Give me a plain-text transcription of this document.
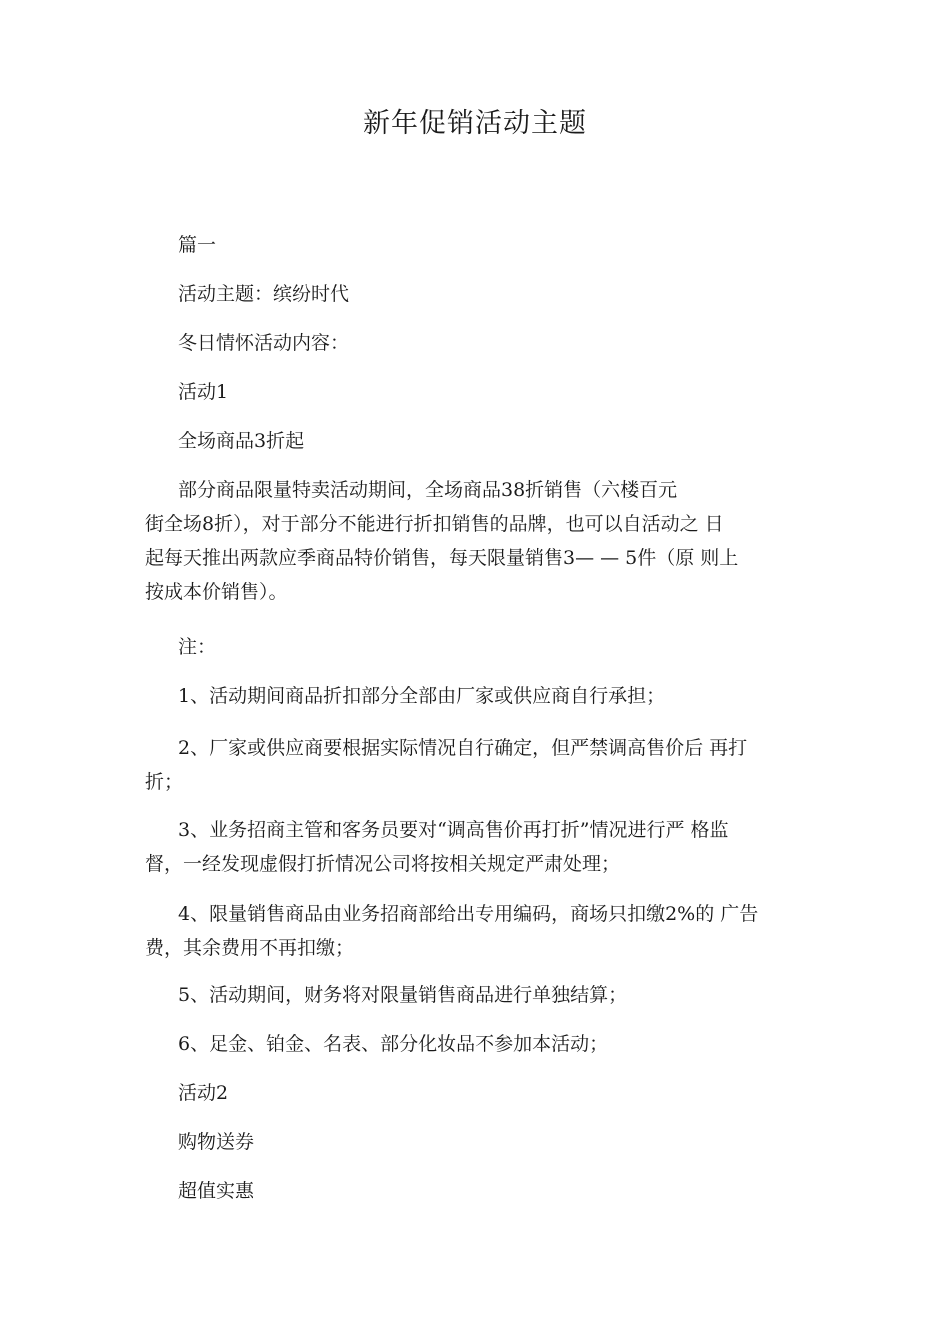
新年促销活动主题
篇一
活动主题：缤纷时代
冬日情怀活动内容：
活动1
全场商品3折起
部分商品限量特卖活动期间，全场商品38折销售（六楼百元
街全场8折），对于部分不能进行折扣销售的品牌，也可以自活动之 日
起每天推出两款应季商品特价销售，每天限量销售3— — 5件（原 则上
按成本价销售）。
注：
1、活动期间商品折扣部分全部由厂家或供应商自行承担；
2、厂家或供应商要根据实际情况自行确定，但严禁调高售价后 再打
折；
3、业务招商主管和客务员要对“调高售价再打折”情况进行严 格监
督，一经发现虚假打折情况公司将按相关规定严肃处理；
4、限量销售商品由业务招商部给出专用编码，商场只扣缴2%的 广告
费，其余费用不再扣缴；
5、活动期间，财务将对限量销售商品进行单独结算；
6、足金、铂金、名表、部分化妆品不参加本活动；
活动2
购物送券
超值实惠
